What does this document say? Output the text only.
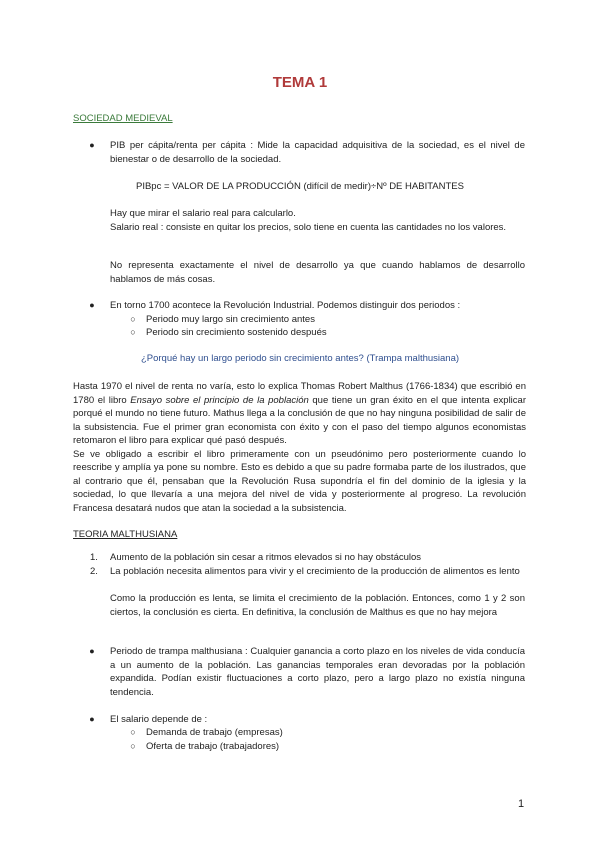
TEMA 1
SOCIEDAD MEDIEVAL
●	PIB per cápita/renta per cápita : Mide la capacidad adquisitiva de la sociedad, es el nivel de bienestar o de desarrollo de la sociedad.
PIBpc = VALOR DE LA PRODUCCIÓN (difícil de medir)÷Nº DE HABITANTES
Hay que mirar el salario real para calcularlo.
Salario real : consiste en quitar los precios, solo tiene en cuenta las cantidades no los valores.
No representa exactamente el nivel de desarrollo ya que cuando hablamos de desarrollo hablamos de más cosas.
●	En torno 1700 acontece la Revolución Industrial. Podemos distinguir dos periodos :
○ Periodo muy largo sin crecimiento antes
○ Periodo sin crecimiento sostenido después
¿Porqué hay un largo periodo sin crecimiento antes? (Trampa malthusiana)
Hasta 1970 el nivel de renta no varía, esto lo explica Thomas Robert Malthus (1766-1834) que escribió en 1780 el libro Ensayo sobre el principio de la población que tiene un gran éxito en el que intenta explicar porqué el mundo no tiene futuro. Mathus llega a la conclusión de que no hay ninguna posibilidad de salir de la subsistencia. Fue el primer gran economista con éxito y con el paso del tiempo algunos economistas retomaron el libro para explicar qué pasó después.
Se ve obligado a escribir el libro primeramente con un pseudónimo pero posteriormente cuando lo reescribe y amplía ya pone su nombre. Esto es debido a que su padre formaba parte de los ilustrados, que al contrario que él, pensaban que la Revolución Rusa supondría el fin del dominio de la iglesia y la sociedad, lo que llevaría a una mejora del nivel de vida y posteriormente al progreso. La revolución Francesa desatará nudos que atan la sociedad a la subsistencia.
TEORIA MALTHUSIANA
1. Aumento de la población sin cesar a ritmos elevados si no hay obstáculos
2. La población necesita alimentos para vivir y el crecimiento de la producción de alimentos es lento
Como la producción es lenta, se limita el crecimiento de la población. Entonces, como 1 y 2 son ciertos, la conclusión es cierta. En definitiva, la conclusión de Malthus es que no hay mejora
●	Periodo de trampa malthusiana : Cualquier ganancia a corto plazo en los niveles de vida conducía a un aumento de la población. Las ganancias temporales eran devoradas por la población expandida. Podían existir fluctuaciones a corto plazo, pero a largo plazo no existía ninguna tendencia.
●	El salario depende de :
○ Demanda de trabajo (empresas)
○ Oferta de trabajo (trabajadores)
1
